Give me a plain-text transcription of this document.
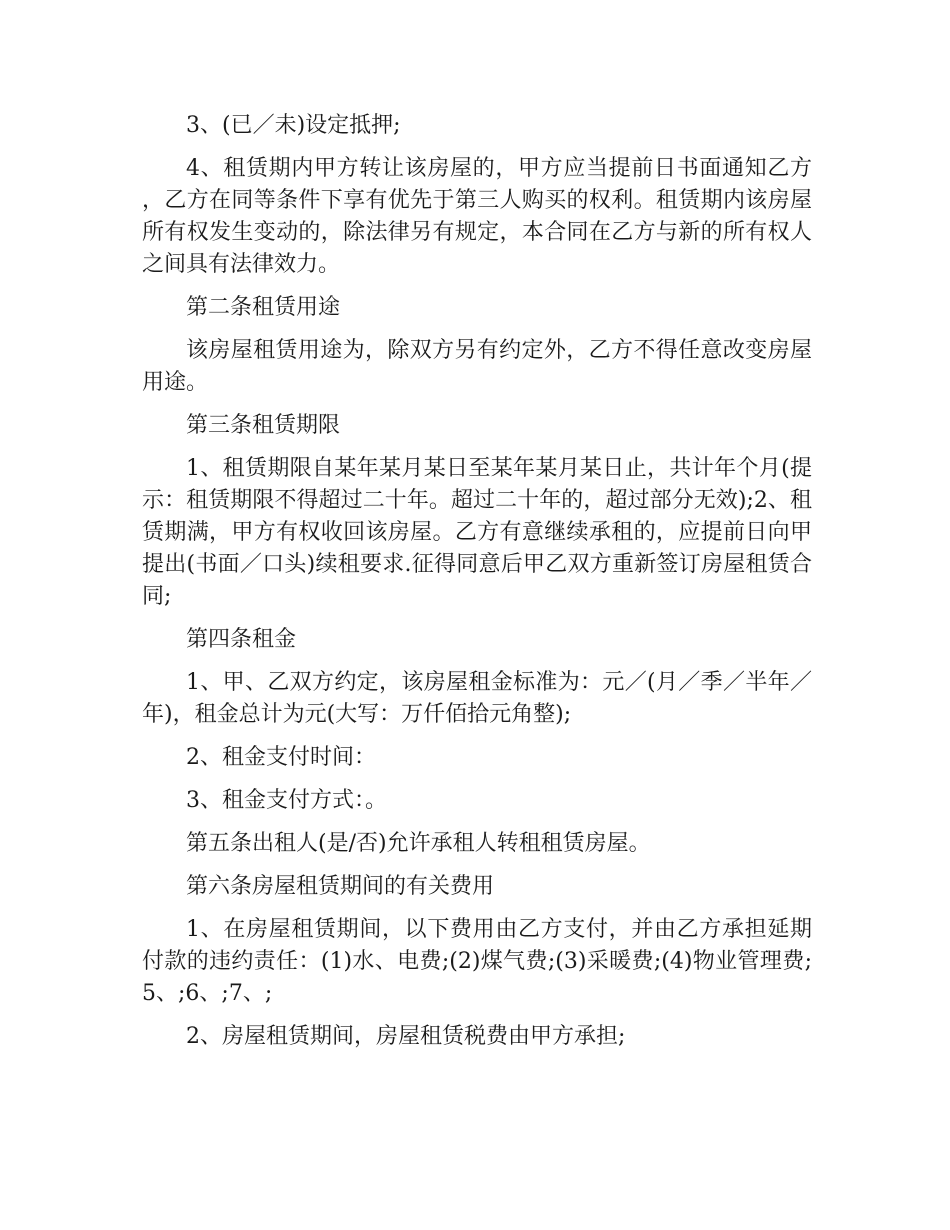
3、(已／未)设定抵押;

4、租赁期内甲方转让该房屋的，甲方应当提前日书面通知乙方，乙方在同等条件下享有优先于第三人购买的权利。租赁期内该房屋所有权发生变动的，除法律另有规定，本合同在乙方与新的所有权人之间具有法律效力。

第二条租赁用途

该房屋租赁用途为，除双方另有约定外，乙方不得任意改变房屋用途。

第三条租赁期限

1、租赁期限自某年某月某日至某年某月某日止，共计年个月(提示：租赁期限不得超过二十年。超过二十年的，超过部分无效);2、租赁期满，甲方有权收回该房屋。乙方有意继续承租的，应提前日向甲提出(书面／口头)续租要求.征得同意后甲乙双方重新签订房屋租赁合同;

第四条租金

1、甲、乙双方约定，该房屋租金标准为：元／(月／季／半年／年)，租金总计为元(大写：万仟佰拾元角整);

2、租金支付时间：

3、租金支付方式：。

第五条出租人(是/否)允许承租人转租租赁房屋。

第六条房屋租赁期间的有关费用

1、在房屋租赁期间，以下费用由乙方支付，并由乙方承担延期付款的违约责任：(1)水、电费;(2)煤气费;(3)采暖费;(4)物业管理费;5、;6、;7、;

2、房屋租赁期间，房屋租赁税费由甲方承担;
